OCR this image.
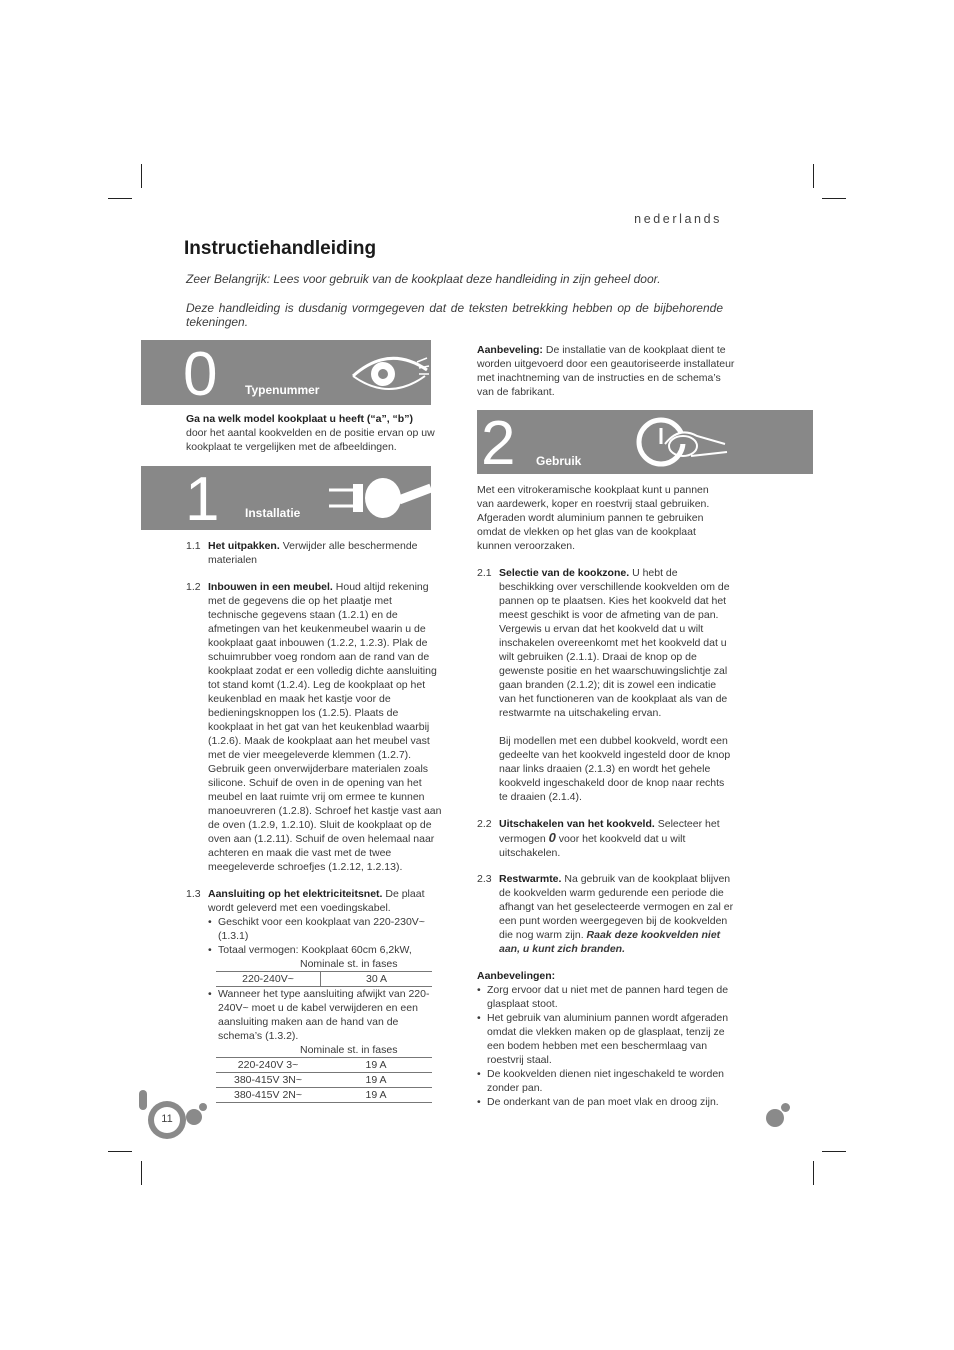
nederlands
Instructiehandleiding
Zeer Belangrijk: Lees voor gebruik van de kookplaat deze handleiding in zijn geheel door.
Deze handleiding is dusdanig vormgegeven dat de teksten betrekking hebben op de bijbehorende tekeningen.
0 Typenummer
Ga na welk model kookplaat u heeft (“a”, “b”) door het aantal kookvelden en de positie ervan op uw kookplaat te vergelijken met de afbeeldingen.
1 Installatie
1.1 Het uitpakken. Verwijder alle beschermende materialen
1.2 Inbouwen in een meubel. Houd altijd rekening met de gegevens die op het plaatje met technische gegevens staan (1.2.1) en de afmetingen van het keukenmeubel waarin u de kookplaat gaat inbouwen (1.2.2, 1.2.3). Plak de schuimrubber voeg rondom aan de rand van de kookplaat zodat er een volledig dichte aansluiting tot stand komt (1.2.4). Leg de kookplaat op het keukenblad en maak het kastje voor de bedieningsknoppen los (1.2.5). Plaats de kookplaat in het gat van het keukenblad waarbij (1.2.6). Maak de kookplaat aan het meubel vast met de vier meegeleverde klemmen (1.2.7). Gebruik geen onverwijderbare materialen zoals silicone. Schuif de oven in de opening van het meubel en laat ruimte vrij om ermee te kunnen manoeuvreren (1.2.8). Schroef het kastje vast aan de oven (1.2.9, 1.2.10). Sluit de kookplaat op de oven aan (1.2.11). Schuif de oven helemaal naar achteren en maak die vast met de twee meegeleverde schroefjes (1.2.12, 1.2.13).
1.3 Aansluiting op het elektriciteitsnet. De plaat wordt geleverd met een voedingskabel.
• Geschikt voor een kookplaat van 220-230V~ (1.3.1)
• Totaal vermogen: Kookplaat 60cm 6,2kW,
Nominale st. in fases
220-240V~	30 A
• Wanneer het type aansluiting afwijkt van 220-240V~ moet u de kabel verwijderen en een aansluiting maken aan de hand van de schema’s (1.3.2).
Nominale st. in fases	
220-240V 3~	19 A
380-415V 3N~	19 A
380-415V 2N~	19 A
Aanbeveling: De installatie van de kookplaat dient te worden uitgevoerd door een geautoriseerde installateur met inachtneming van de instructies en de schema’s van de fabrikant.
2 Gebruik
Met een vitrokeramische kookplaat kunt u pannen van aardewerk, koper en roestvrij staal gebruiken. Afgeraden wordt aluminium pannen te gebruiken omdat de vlekken op het glas van de kookplaat kunnen veroorzaken.
2.1 Selectie van de kookzone. U hebt de beschikking over verschillende kookvelden om de pannen op te plaatsen. Kies het kookveld dat het meest geschikt is voor de afmeting van de pan. Vergewis u ervan dat het kookveld dat u wilt inschakelen overeenkomt met het kookveld dat u wilt gebruiken (2.1.1). Draai de knop op de gewenste positie en het waarschuwingslichtje zal gaan branden (2.1.2); dit is zowel een indicatie van het functioneren van de kookplaat als van de restwarmte na uitschakeling ervan.

Bij modellen met een dubbel kookveld, wordt een gedeelte van het kookveld ingesteld door de knop naar links draaien (2.1.3) en wordt het gehele kookveld ingeschakeld door de knop naar rechts te draaien (2.1.4).

2.2 Uitschakelen van het kookveld. Selecteer het vermogen 0 voor het kookveld dat u wilt uitschakelen.
2.3 Restwarmte. Na gebruik van de kookplaat blijven de kookvelden warm gedurende een periode die afhangt van het geselecteerde vermogen en zal er een punt worden weergegeven bij de kookvelden die nog warm zijn. Raak deze kookvelden niet aan, u kunt zich branden.
Aanbevelingen:
• Zorg ervoor dat u niet met de pannen hard tegen de glasplaat stoot.
• Het gebruik van aluminium pannen wordt afgeraden omdat die vlekken maken op de glasplaat, tenzij ze een bodem hebben met een beschermlaag van roestvrij staal.
• De kookvelden dienen niet ingeschakeld te worden zonder pan.
• De onderkant van de pan moet vlak en droog zijn.
11
